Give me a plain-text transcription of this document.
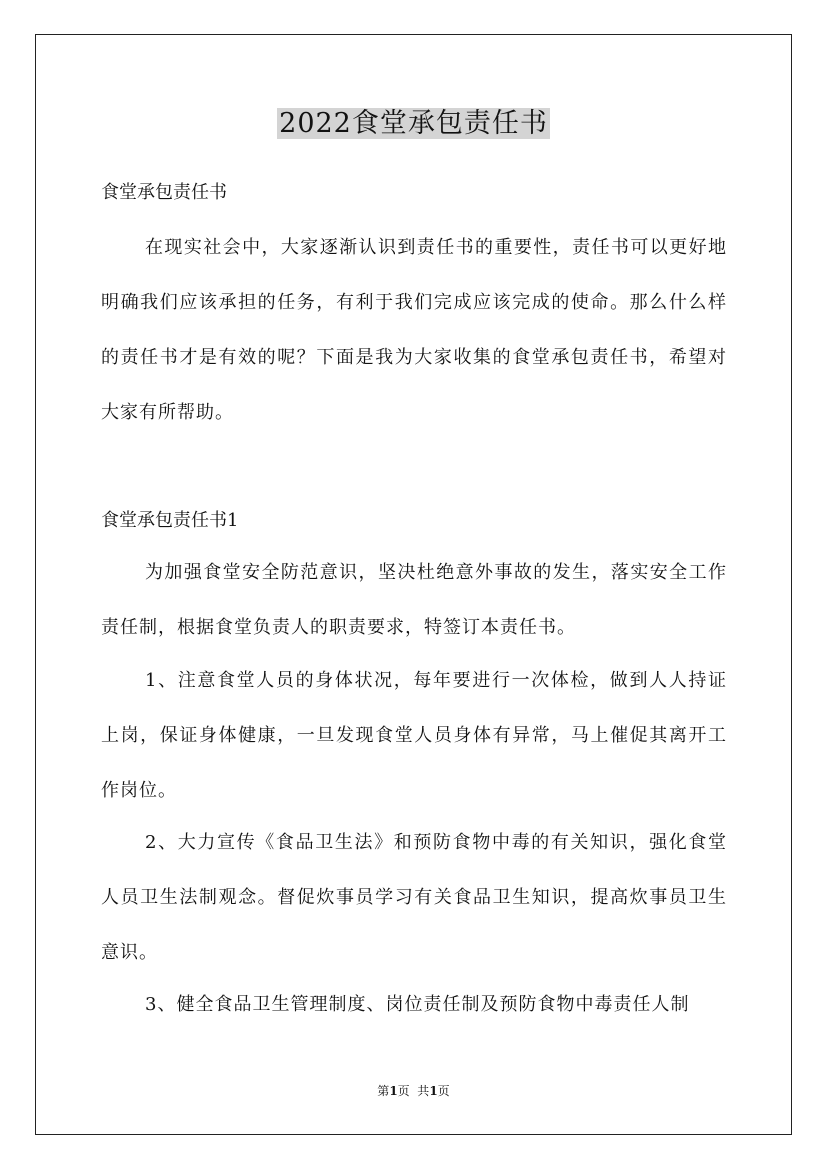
2022食堂承包责任书
食堂承包责任书
在现实社会中，大家逐渐认识到责任书的重要性，责任书可以更好地明确我们应该承担的任务，有利于我们完成应该完成的使命。那么什么样的责任书才是有效的呢？下面是我为大家收集的食堂承包责任书，希望对大家有所帮助。
食堂承包责任书1
为加强食堂安全防范意识，坚决杜绝意外事故的发生，落实安全工作责任制，根据食堂负责人的职责要求，特签订本责任书。
1、注意食堂人员的身体状况，每年要进行一次体检，做到人人持证上岗，保证身体健康，一旦发现食堂人员身体有异常，马上催促其离开工作岗位。
2、大力宣传《食品卫生法》和预防食物中毒的有关知识，强化食堂人员卫生法制观念。督促炊事员学习有关食品卫生知识，提高炊事员卫生意识。
3、健全食品卫生管理制度、岗位责任制及预防食物中毒责任人制
第1页  共1页
